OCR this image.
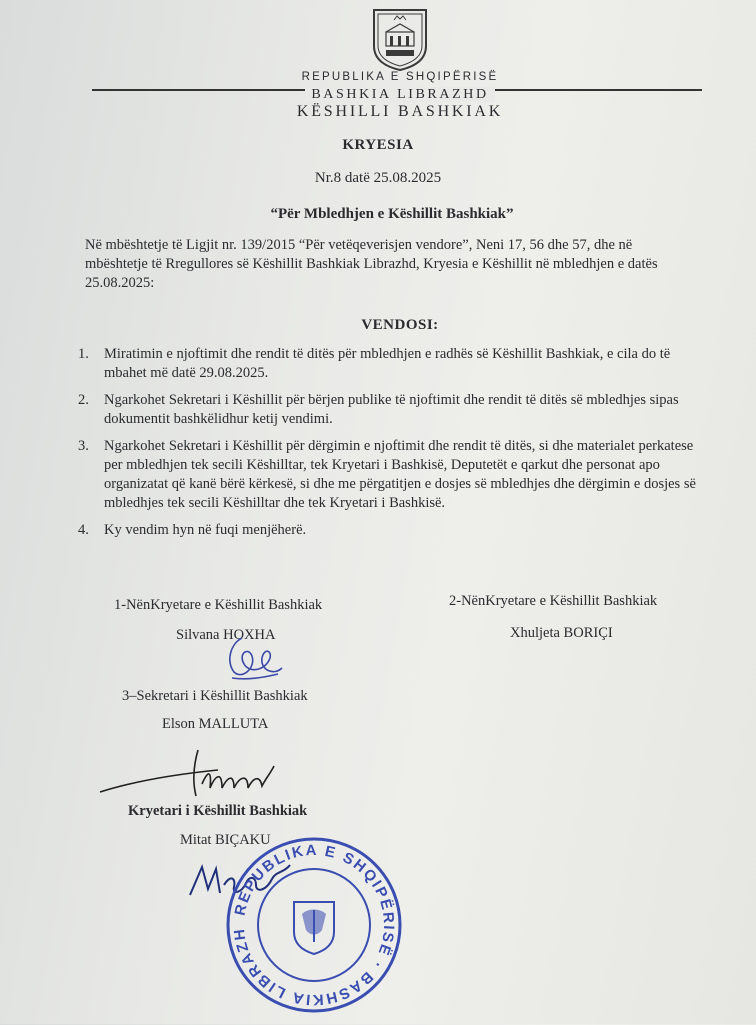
REPUBLIKA E SHQIPËRISË
BASHKIA LIBRAZHD
KËSHILLI BASHKIAK
KRYESIA
Nr.8 datë 25.08.2025
“Për Mbledhjen e Këshillit Bashkiak”
Në mbështetje të Ligjit nr. 139/2015 “Për vetëqeverisjen vendore”, Neni 17, 56 dhe 57, dhe në mbështetje të Rregullores së Këshillit Bashkiak Librazhd, Kryesia e Këshillit në mbledhjen e datës 25.08.2025:
VENDOSI:
1. Miratimin e njoftimit dhe rendit të ditës për mbledhjen e radhës së Këshillit Bashkiak, e cila do të mbahet më datë 29.08.2025.
2. Ngarkohet Sekretari i Këshillit për bërjen publike të njoftimit dhe rendit të ditës së mbledhjes sipas dokumentit bashkëlidhur ketij vendimi.
3. Ngarkohet Sekretari i Këshillit për dërgimin e njoftimit dhe rendit të ditës, si dhe materialet perkatese per mbledhjen tek secili Këshilltar, tek Kryetari i Bashkisë, Deputetët e qarkut dhe personat apo organizatat që kanë bërë kërkesë, si dhe me përgatitjen e dosjes së mbledhjes dhe dërgimin e dosjes së mbledhjes tek secili Këshilltar dhe tek Kryetari i Bashkisë.
4. Ky vendim hyn në fuqi menjëherë.
1-NënKryetare e Këshillit Bashkiak
Silvana HOXHA
2-NënKryetare e Këshillit Bashkiak
Xhuljeta BORIÇI
3–Sekretari i Këshillit Bashkiak
Elson MALLUTA
Kryetari i Këshillit Bashkiak
Mitat BIÇAKU
REPUBLIKA E SHQIPËRISË · BASHKIA LIBRAZH
